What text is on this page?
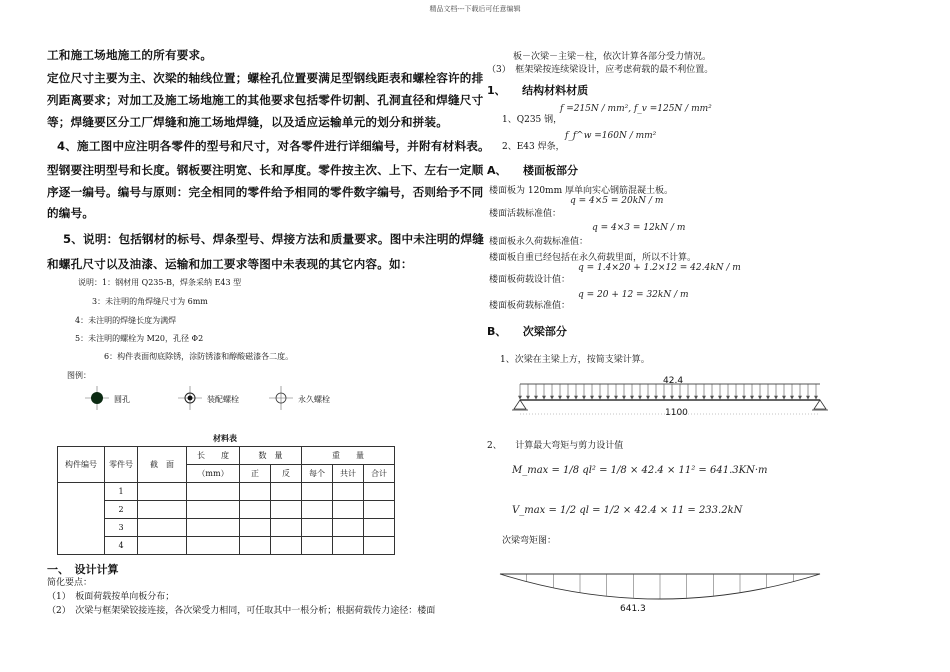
精品文档---下载后可任意编辑
工和施工场地施工的所有要求。
定位尺寸主要为主、次梁的轴线位置；螺栓孔位置要满足型钢线距表和螺栓容许的排
列距离要求；对加工及施工场地施工的其他要求包括零件切割、孔洞直径和焊缝尺寸
等；焊缝要区分工厂焊缝和施工场地焊缝，以及适应运输单元的划分和拼装。
4、施工图中应注明各零件的型号和尺寸，对各零件进行详细编号，并附有材料表。
型钢要注明型号和长度。钢板要注明宽、长和厚度。零件按主次、上下、左右一定顺
序逐一编号。编号与原则：完全相同的零件给予相同的零件数字编号，否则给予不同
的编号。
5、说明：包括钢材的标号、焊条型号、焊接方法和质量要求。图中未注明的焊缝
和螺孔尺寸以及油漆、运输和加工要求等图中未表现的其它内容。如：
说明：1：钢材用 Q235-B，焊条采纳 E43 型
3：未注明的角焊缝尺寸为 6mm
4：未注明的焊缝长度为满焊
5：未注明的螺栓为 M20，孔径 Φ2
6：构件表面彻底除锈，涂防锈漆和醇酸磁漆各二度。
图例：
圆孔	装配螺栓	永久螺栓
材料表
构件编号	零件号	截　面	长　　度	数　量		重　　量		
			（mm）	正	反	每个	共计	合计
	1							
	2							
	3							
	4							
一、　设计计算
简化要点：
（1）　板面荷载按单向板分布；
（2）　次梁与框架梁铰接连接，各次梁受力相同，可任取其中一根分析；根据荷载传力途径：楼面
板－次梁－主梁－柱，依次计算各部分受力情况。
（3）　框架梁按连续梁设计，应考虑荷载的最不利位置。
1、　　结构材料材质
1、Q235 钢，
f =215N / mm², f_v =125N / mm²
2、E43 焊条，
f_f^w =160N / mm²
A、　　楼面板部分
楼面板为 120mm 厚单向实心钢筋混凝土板。
楼面活载标准值：
q = 4×5 = 20kN / m
楼面板永久荷载标准值：
q = 4×3 = 12kN / m
楼面板自重已经包括在永久荷载里面，所以不计算。
楼面板荷载设计值：
q = 1.4×20 + 1.2×12 = 42.4kN / m
楼面板荷载标准值：
q = 20 + 12 = 32kN / m
B、　　次梁部分
1、次梁在主梁上方，按简支梁计算。
42.4
1100
2、　　计算最大弯矩与剪力设计值
M_max = 1/8 ql² = 1/8 × 42.4 × 11² = 641.3KN·m
V_max = 1/2 ql = 1/2 × 42.4 × 11 = 233.2kN
次梁弯矩图：
641.3
